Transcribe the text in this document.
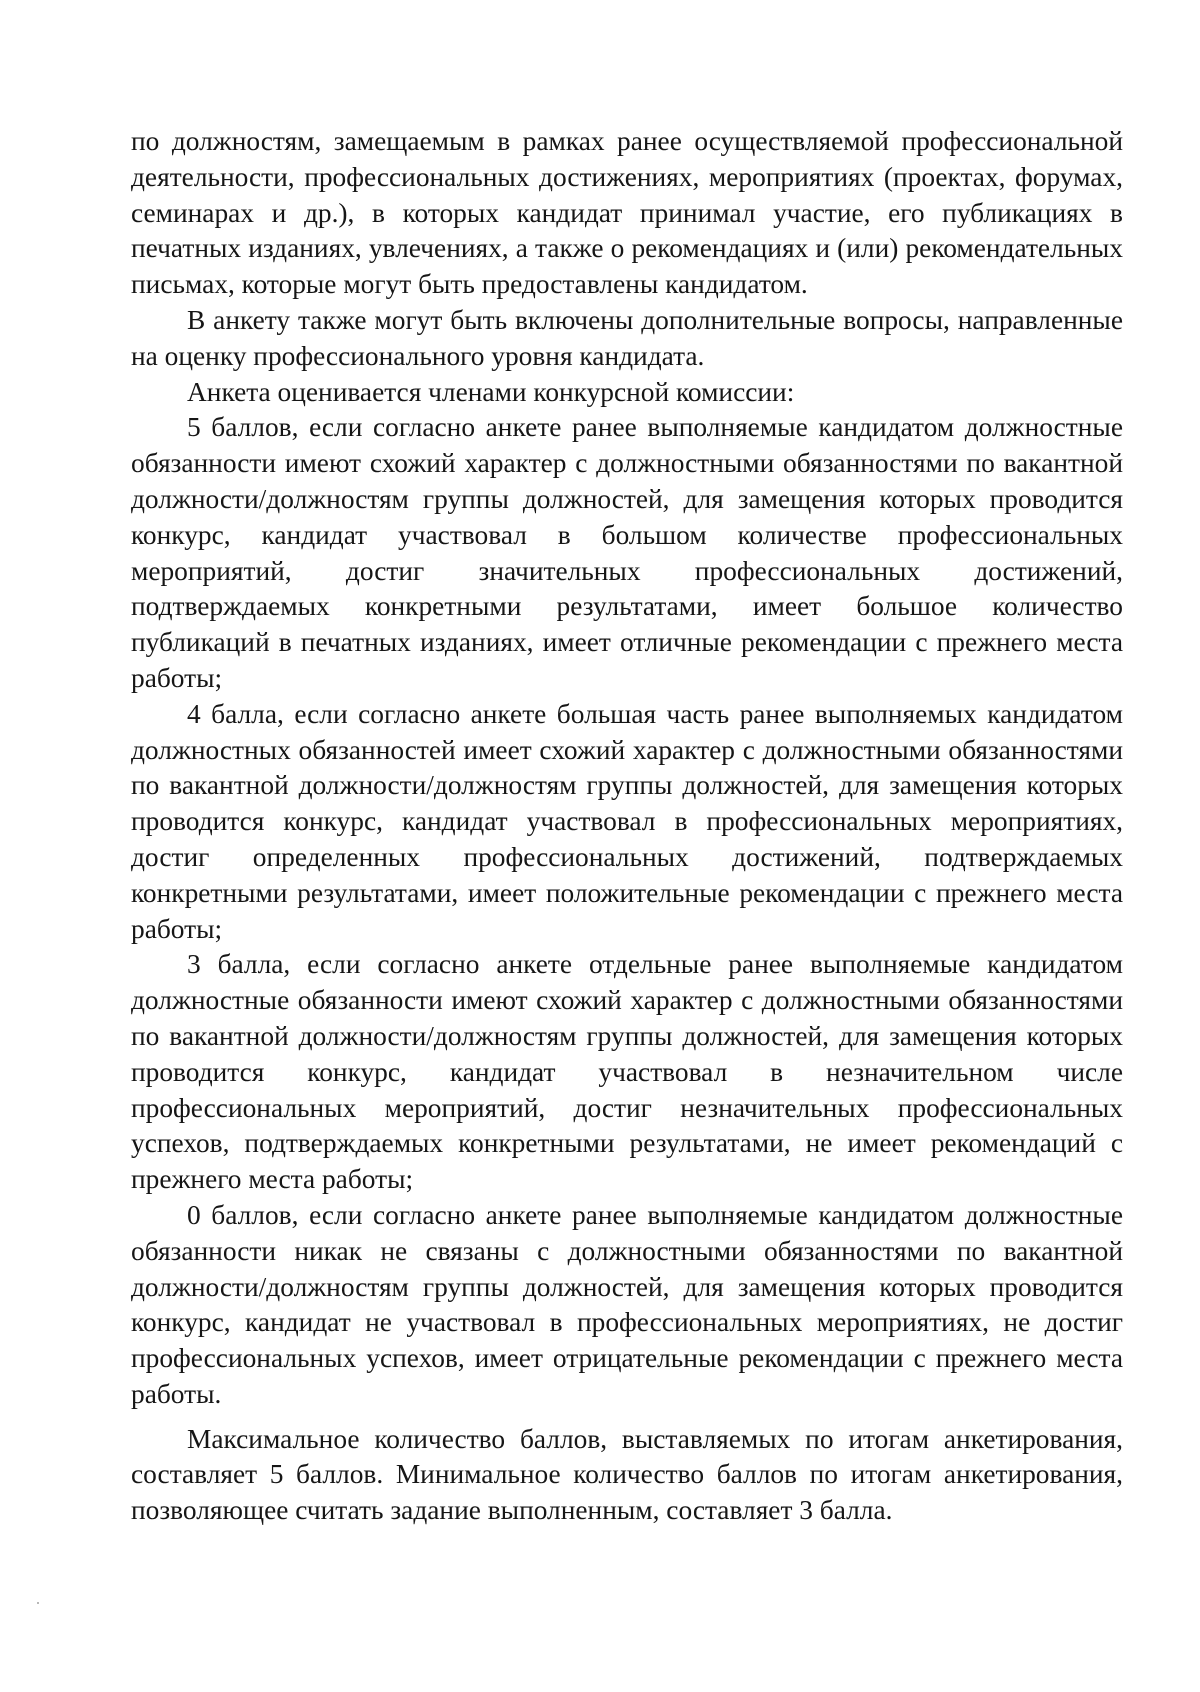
по должностям, замещаемым в рамках ранее осуществляемой профессиональной деятельности, профессиональных достижениях, мероприятиях (проектах, форумах, семинарах и др.), в которых кандидат принимал участие, его публикациях в печатных изданиях, увлечениях, а также о рекомендациях и (или) рекомендательных письмах, которые могут быть предоставлены кандидатом.

В анкету также могут быть включены дополнительные вопросы, направленные на оценку профессионального уровня кандидата.

Анкета оценивается членами конкурсной комиссии:

5 баллов, если согласно анкете ранее выполняемые кандидатом должностные обязанности имеют схожий характер с должностными обязанностями по вакантной должности/должностям группы должностей, для замещения которых проводится конкурс, кандидат участвовал в большом количестве профессиональных мероприятий, достиг значительных профессиональных достижений, подтверждаемых конкретными результатами, имеет большое количество публикаций в печатных изданиях, имеет отличные рекомендации с прежнего места работы;

4 балла, если согласно анкете большая часть ранее выполняемых кандидатом должностных обязанностей имеет схожий характер с должностными обязанностями по вакантной должности/должностям группы должностей, для замещения которых проводится конкурс, кандидат участвовал в профессиональных мероприятиях, достиг определенных профессиональных достижений, подтверждаемых конкретными результатами, имеет положительные рекомендации с прежнего места работы;

3 балла, если согласно анкете отдельные ранее выполняемые кандидатом должностные обязанности имеют схожий характер с должностными обязанностями по вакантной должности/должностям группы должностей, для замещения которых проводится конкурс, кандидат участвовал в незначительном числе профессиональных мероприятий, достиг незначительных профессиональных успехов, подтверждаемых конкретными результатами, не имеет рекомендаций с прежнего места работы;

0 баллов, если согласно анкете ранее выполняемые кандидатом должностные обязанности никак не связаны с должностными обязанностями по вакантной должности/должностям группы должностей, для замещения которых проводится конкурс, кандидат не участвовал в профессиональных мероприятиях, не достиг профессиональных успехов, имеет отрицательные рекомендации с прежнего места работы.

Максимальное количество баллов, выставляемых по итогам анкетирования, составляет 5 баллов. Минимальное количество баллов по итогам анкетирования, позволяющее считать задание выполненным, составляет 3 балла.
